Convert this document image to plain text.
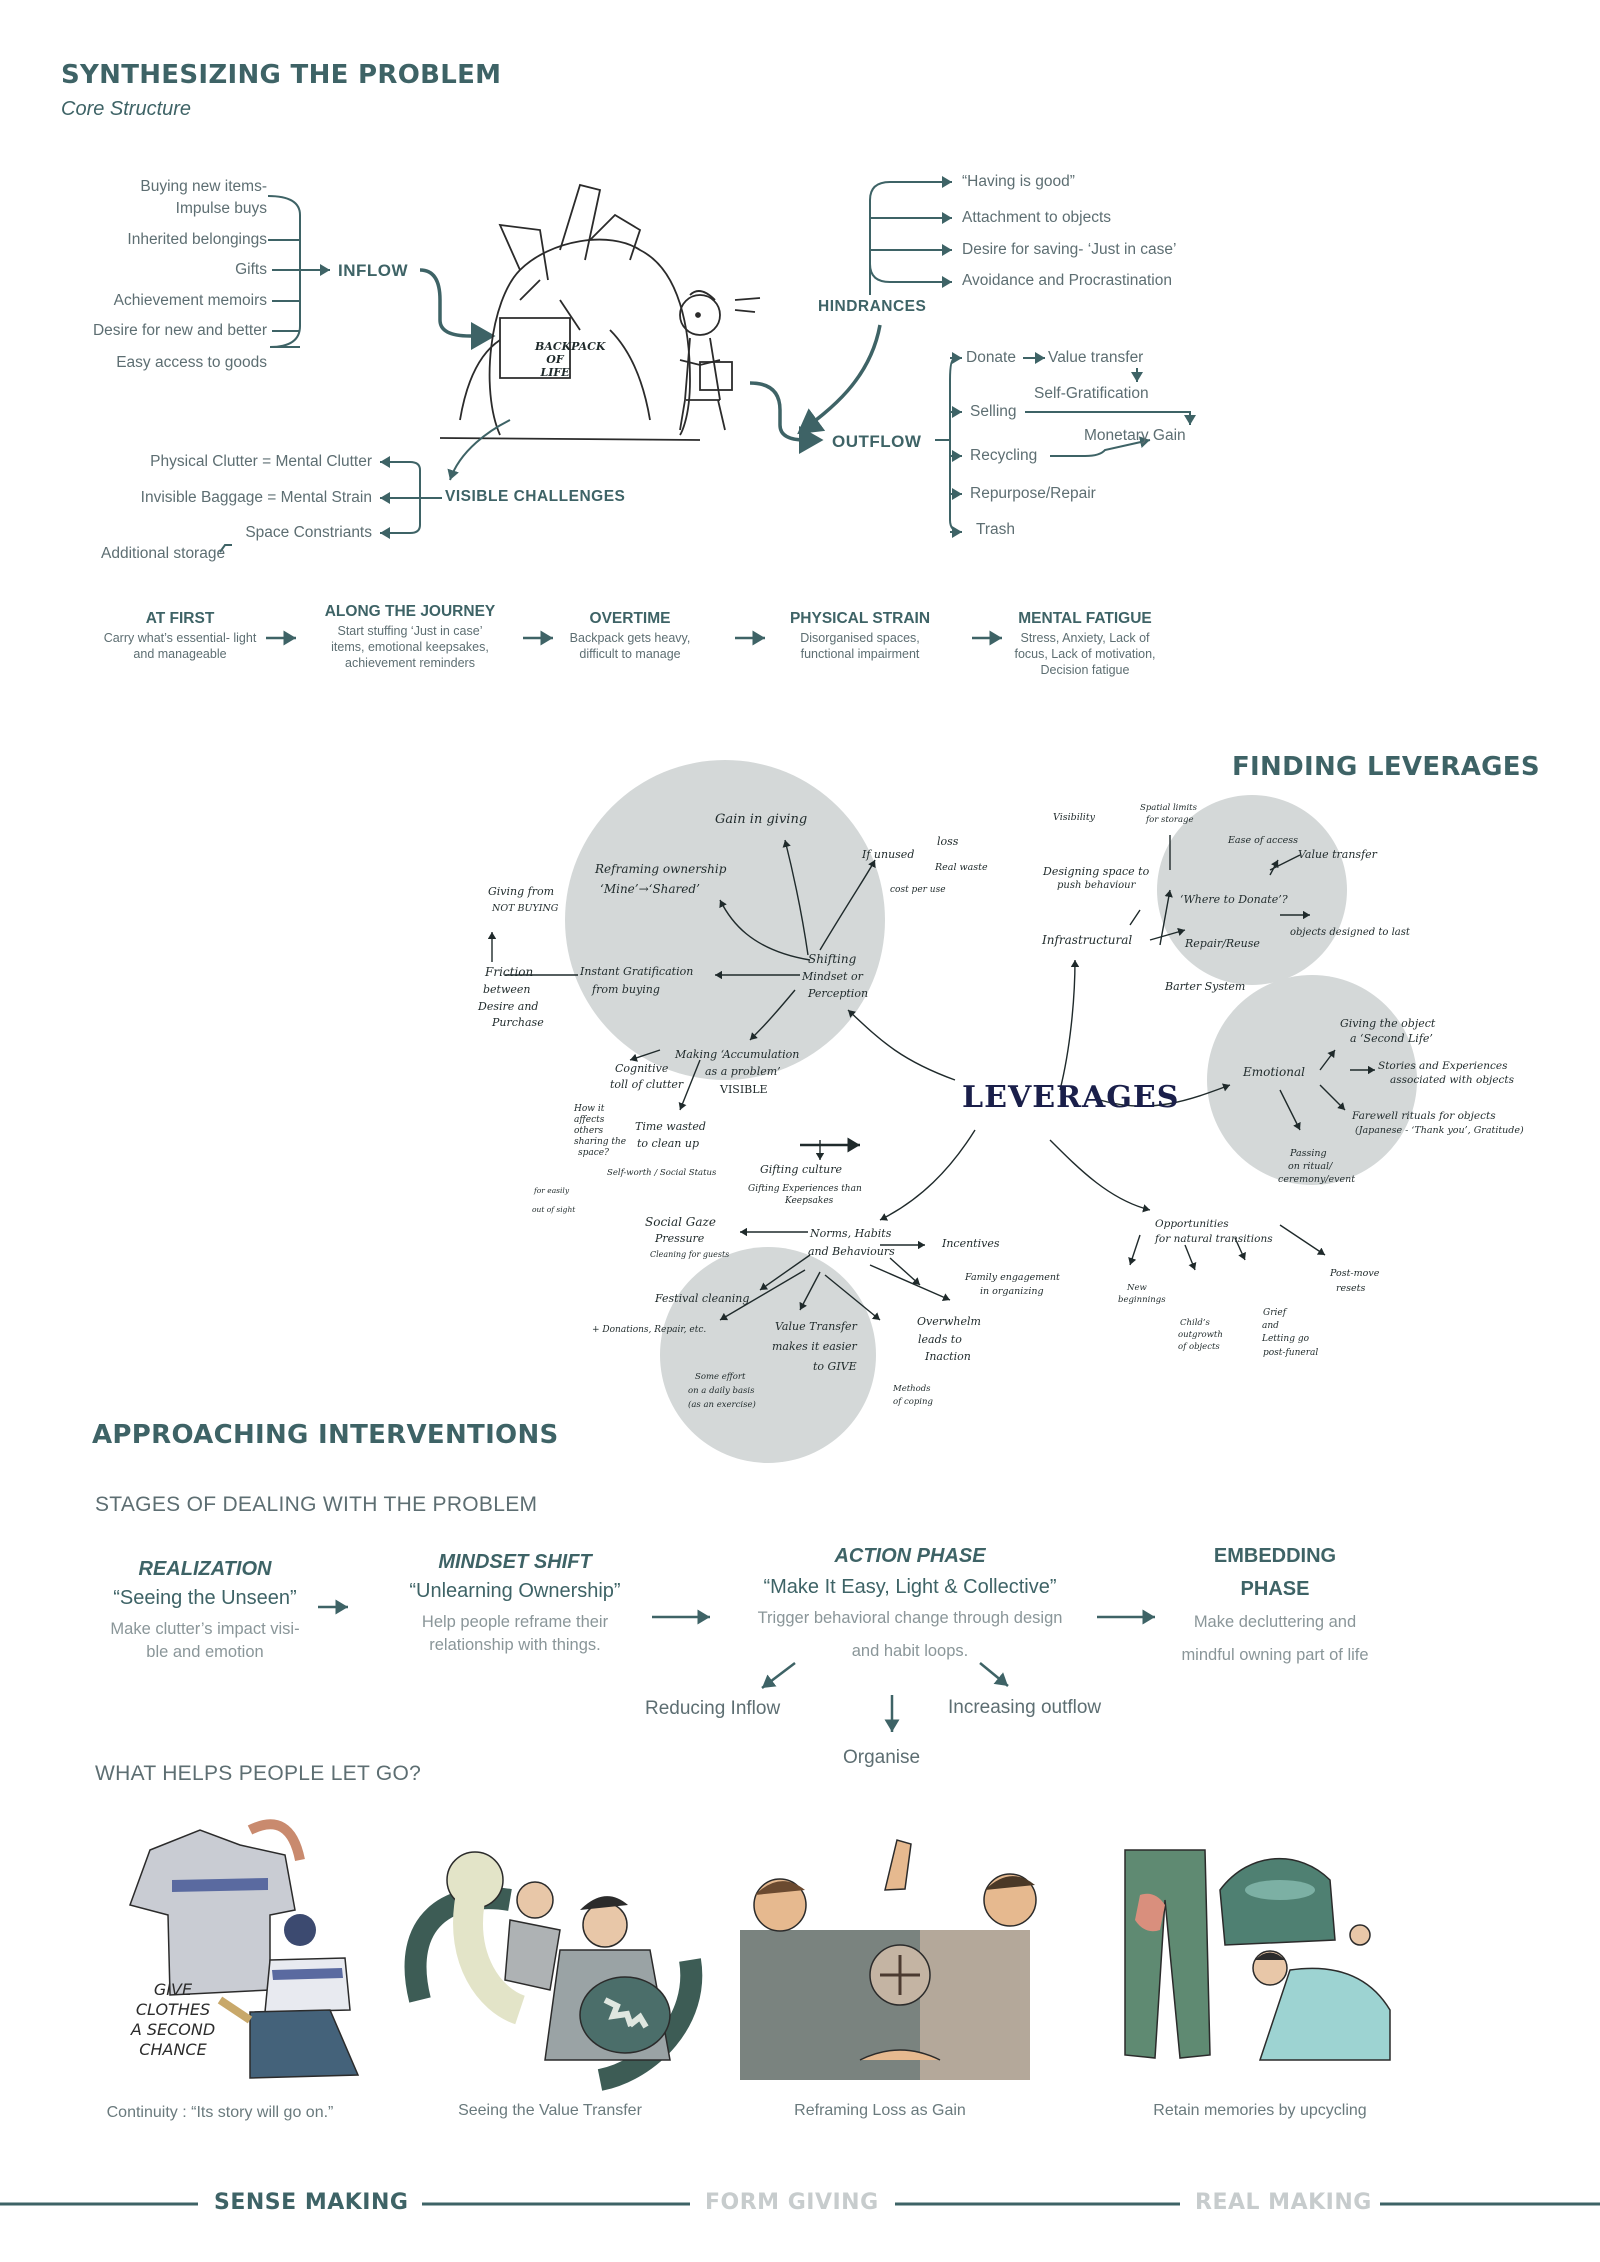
SYNTHESIZING THE PROBLEM
Core Structure
Buying new items-
Impulse buys
Inherited belongings
Gifts
Achievement memoirs
Desire for new and better
Easy access to goods
INFLOW
BACKPACK OF LIFE
“Having is good”
Attachment to objects
Desire for saving- ‘Just in case’
Avoidance and Procrastination
HINDRANCES
OUTFLOW
Donate Value transfer
Self-Gratification
Selling
Monetary Gain
Recycling
Repurpose/Repair
Trash
VISIBLE CHALLENGES
Physical Clutter = Mental Clutter
Invisible Baggage = Mental Strain
Space Constriants
Additional storage
AT FIRST
Carry what’s essential- light and manageable
ALONG THE JOURNEY
Start stuffing ‘Just in case’ items, emotional keepsakes, achievement reminders
OVERTIME
Backpack gets heavy, difficult to manage
PHYSICAL STRAIN
Disorganised spaces, functional impairment
MENTAL FATIGUE
Stress, Anxiety, Lack of focus, Lack of motivation, Decision fatigue
FINDING LEVERAGES
LEVERAGES
Gain in giving
Reframing ownership
‘Mine’→‘Shared’
Giving from
NOT BUYING
Friction
between
Desire and
Purchase
Instant Gratification
from buying
Shifting
Mindset or
Perception
If unused
loss
Real waste
cost per use
Making ‘Accumulation
as a problem’
VISIBLE
Cognitive
toll of clutter
How it
affects
others
sharing the
space?
Time wasted
to clean up
Self-worth / Social Status
for easily
out of sight
Gifting culture
Gifting Experiences than
Keepsakes
Social Gaze
Pressure
Cleaning for guests
Norms, Habits
and Behaviours
Incentives
Festival cleaning
+ Donations, Repair, etc.	Value Transfer
makes it easier
to GIVE
Some effort
on a daily basis
(as an exercise)
Family engagement
in organizing
Overwhelm
leads to
Inaction
Methods
of coping
Visibility
Spatial limits
for storage
Designing space to
push behaviour
Ease of access
Value transfer
‘Where to Donate’?
Infrastructural	Repair/Reuse
objects designed to last
Barter System
Giving the object
a ‘Second Life’
Emotional	Stories and Experiences
associated with objects
Farewell rituals for objects
(Japanese - ‘Thank you’, Gratitude)
Passing
on ritual/
ceremony/event
Opportunities
for natural transitions
New
beginnings
Child’s
outgrowth
of objects
Grief
and
Letting go
post-funeral
Post-move
resets
APPROACHING INTERVENTIONS
STAGES OF DEALING WITH THE PROBLEM
REALIZATION
“Seeing the Unseen”
Make clutter’s impact visi-
ble and emotion
MINDSET SHIFT
“Unlearning Ownership”
Help people reframe their
relationship with things.
ACTION PHASE
“Make It Easy, Light & Collective”
Trigger behavioral change through design
and habit loops.
EMBEDDING
PHASE
Make decluttering and
mindful owning part of life
Reducing Inflow
Organise
Increasing outflow
WHAT HELPS PEOPLE LET GO?
GIVE
CLOTHES
A SECOND
CHANCE
Continuity : “Its story will go on.”	Seeing the Value Transfer	Reframing Loss as Gain	Retain memories by upcycling
SENSE MAKING	FORM GIVING	REAL MAKING
